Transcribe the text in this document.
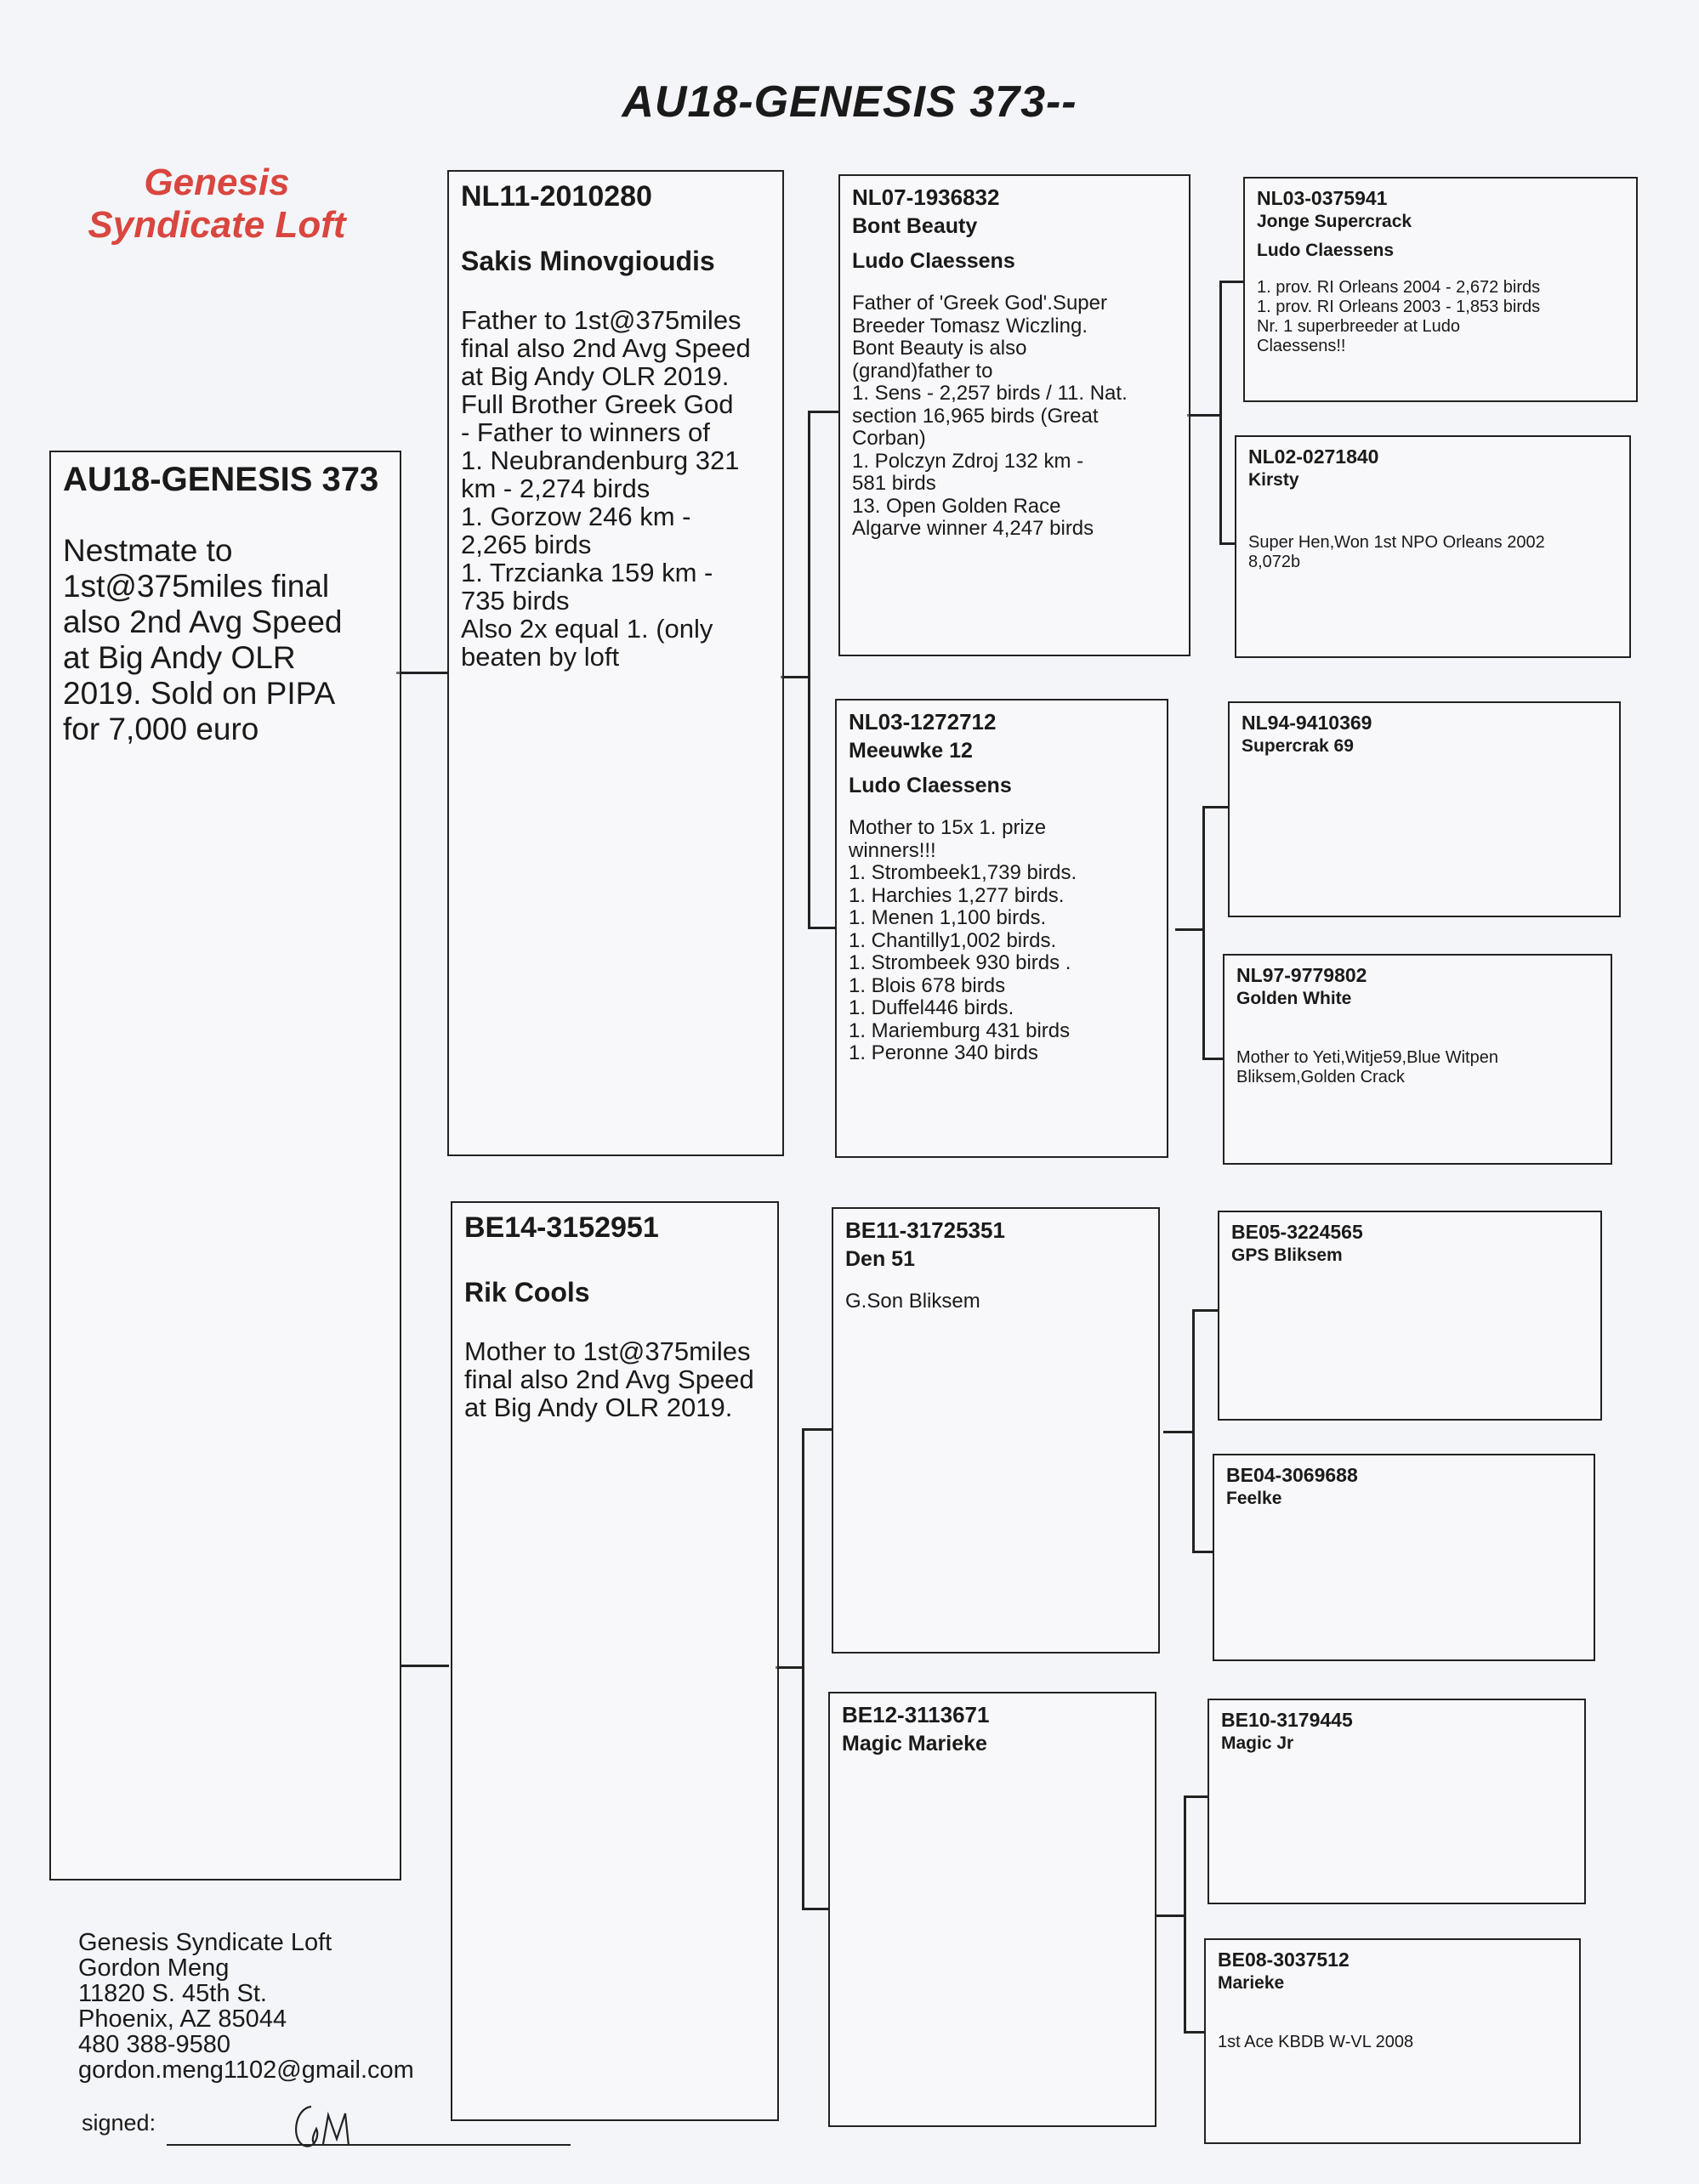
AU18-GENESIS 373--
Genesis
Syndicate Loft
AU18-GENESIS 373
Nestmate to
1st@375miles final
also 2nd Avg Speed
at Big Andy OLR
2019. Sold on PIPA
for 7,000 euro
NL11-2010280
Sakis Minovgioudis
Father to 1st@375miles
final also 2nd Avg Speed
at Big Andy OLR 2019.
Full Brother Greek God
- Father to winners of
1. Neubrandenburg 321
km - 2,274 birds
1. Gorzow 246 km -
2,265 birds
1. Trzcianka 159 km -
735 birds
Also 2x equal 1. (only
beaten by loft
BE14-3152951
Rik Cools
Mother to 1st@375miles
final also 2nd Avg Speed
at Big Andy OLR 2019.
NL07-1936832
Bont Beauty
Ludo Claessens
Father of 'Greek God'.Super
Breeder Tomasz Wiczling.
Bont Beauty is also
(grand)father to
1. Sens - 2,257 birds / 11. Nat.
section 16,965 birds (Great
Corban)
1. Polczyn Zdroj 132 km -
581 birds
13. Open Golden Race
Algarve winner 4,247 birds
NL03-1272712
Meeuwke 12
Ludo Claessens
Mother to 15x 1. prize
winners!!!
1. Strombeek1,739 birds.
1. Harchies 1,277 birds.
1. Menen 1,100 birds.
1. Chantilly1,002 birds.
1. Strombeek 930 birds .
1. Blois 678 birds
1. Duffel446 birds.
1. Mariemburg 431 birds
1. Peronne 340 birds
BE11-31725351
Den 51
G.Son Bliksem
BE12-3113671
Magic Marieke
NL03-0375941
Jonge Supercrack
Ludo Claessens
1. prov. RI Orleans 2004 - 2,672 birds
1. prov. RI Orleans 2003 - 1,853 birds
Nr. 1 superbreeder at Ludo
Claessens!!
NL02-0271840
Kirsty
Super Hen,Won 1st NPO Orleans 2002
8,072b
NL94-9410369
Supercrak 69
NL97-9779802
Golden White
Mother to Yeti,Witje59,Blue Witpen
Bliksem,Golden Crack
BE05-3224565
GPS Bliksem
BE04-3069688
Feelke
BE10-3179445
Magic Jr
BE08-3037512
Marieke
1st Ace KBDB W-VL 2008
Genesis Syndicate Loft
Gordon Meng
11820 S. 45th St.
Phoenix, AZ 85044
480 388-9580
gordon.meng1102@gmail.com
signed:
